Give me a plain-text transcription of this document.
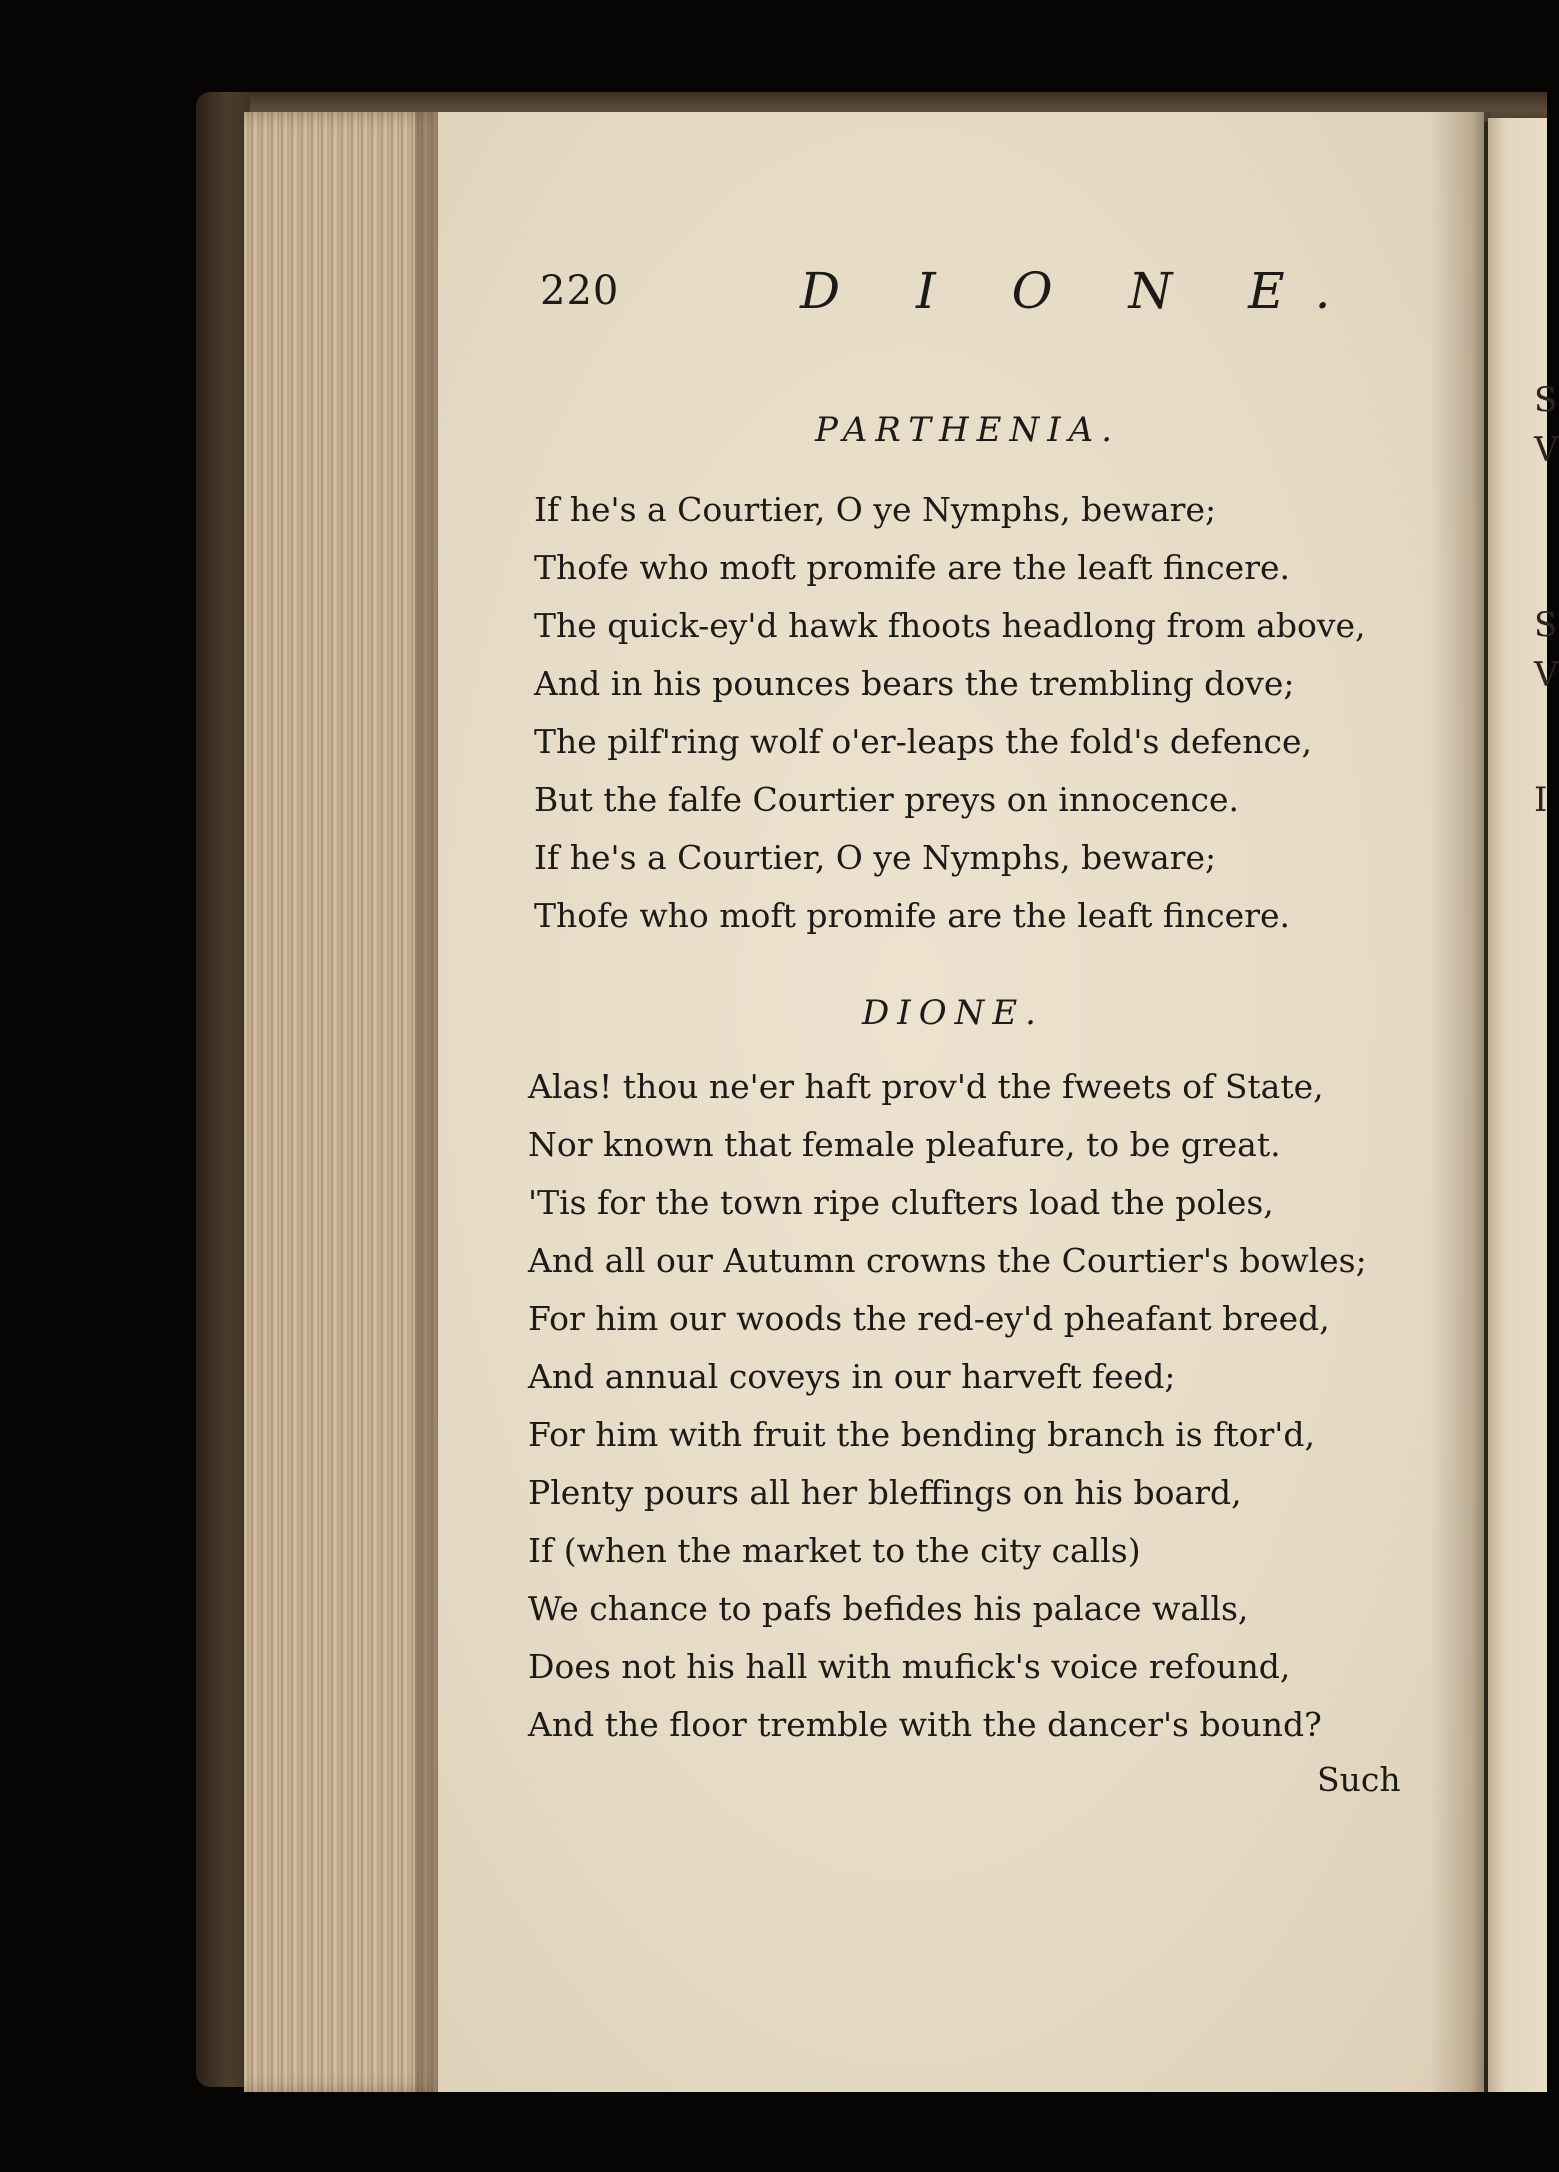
S
V
S
V
I
220	D I O N E.
PARTHENIA.
If he's a Courtier, O ye Nymphs, beware;
Thofe who moft promife are the leaft fincere.
The quick-ey'd hawk fhoots headlong from above,
And in his pounces bears the trembling dove;
The pilf'ring wolf o'er-leaps the fold's defence,
But the falfe Courtier preys on innocence.
If he's a Courtier, O ye Nymphs, beware;
Thofe who moft promife are the leaft fincere.
DIONE.
Alas! thou ne'er haft prov'd the fweets of State,
Nor known that female pleafure, to be great.
'Tis for the town ripe clufters load the poles,
And all our Autumn crowns the Courtier's bowles;
For him our woods the red-ey'd pheafant breed,
And annual coveys in our harveft feed;
For him with fruit the bending branch is ftor'd,
Plenty pours all her bleffings on his board,
If (when the market to the city calls)
We chance to pafs befides his palace walls,
Does not his hall with mufick's voice refound,
And the floor tremble with the dancer's bound?
Such
